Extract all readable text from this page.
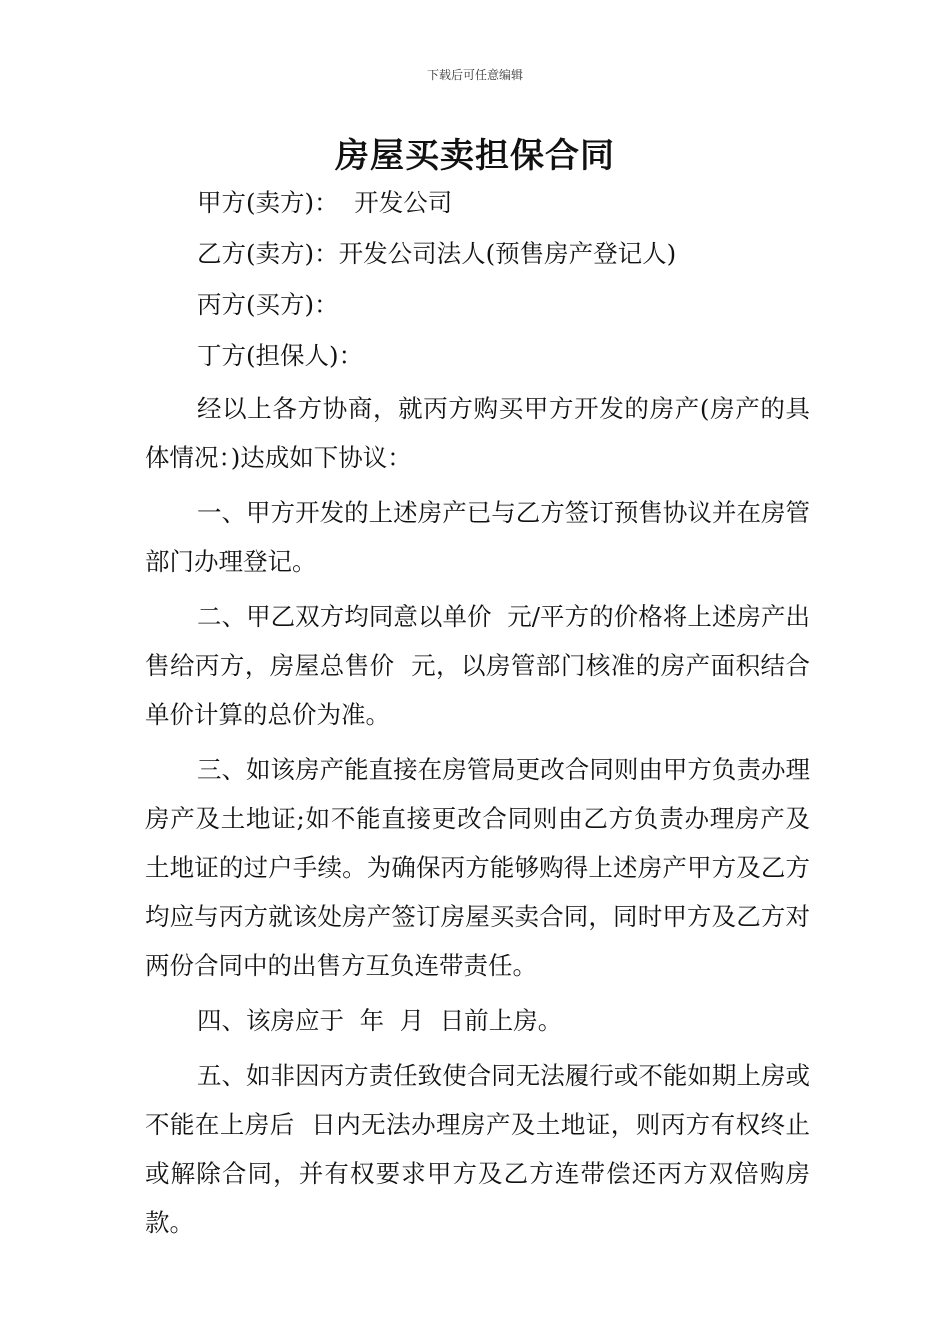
下载后可任意编辑
房屋买卖担保合同

甲方(卖方)：  开发公司

乙方(卖方)：开发公司法人(预售房产登记人)

丙方(买方)：

丁方(担保人)：

经以上各方协商，就丙方购买甲方开发的房产(房产的具体情况：)达成如下协议：

一、甲方开发的上述房产已与乙方签订预售协议并在房管部门办理登记。

二、甲乙双方均同意以单价  元/平方的价格将上述房产出售给丙方，房屋总售价  元，以房管部门核准的房产面积结合单价计算的总价为准。

三、如该房产能直接在房管局更改合同则由甲方负责办理房产及土地证;如不能直接更改合同则由乙方负责办理房产及土地证的过户手续。为确保丙方能够购得上述房产甲方及乙方均应与丙方就该处房产签订房屋买卖合同，同时甲方及乙方对两份合同中的出售方互负连带责任。

四、该房应于  年  月  日前上房。

五、如非因丙方责任致使合同无法履行或不能如期上房或不能在上房后  日内无法办理房产及土地证，则丙方有权终止或解除合同，并有权要求甲方及乙方连带偿还丙方双倍购房款。
